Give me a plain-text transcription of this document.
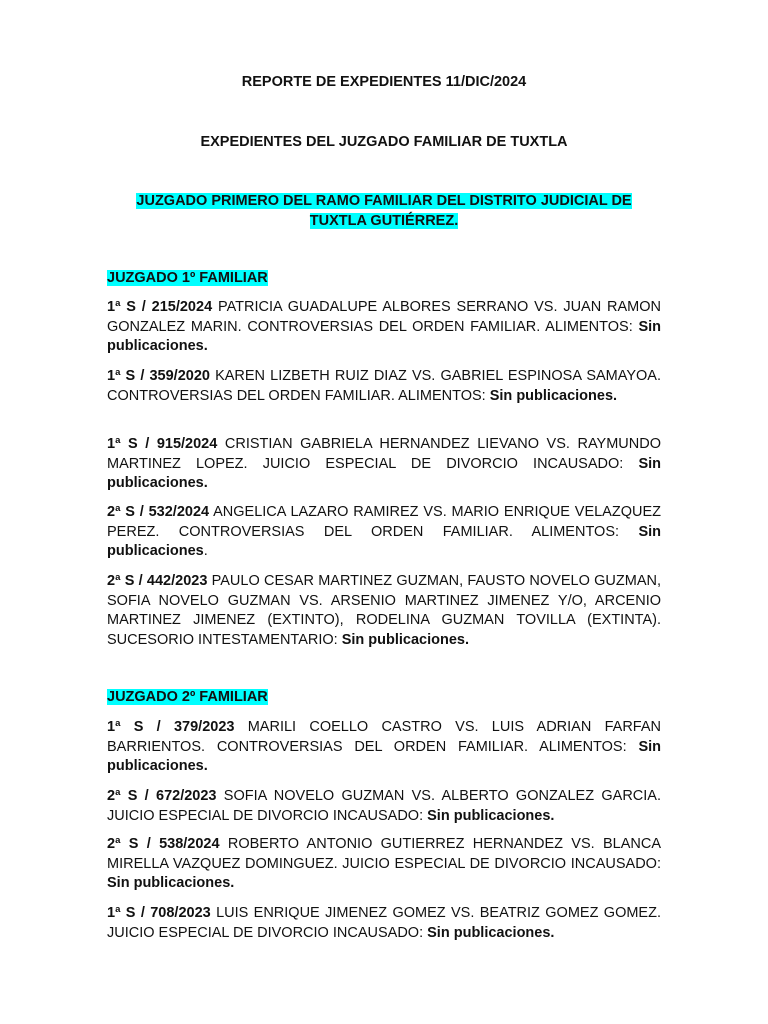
REPORTE DE EXPEDIENTES 11/DIC/2024
EXPEDIENTES DEL JUZGADO FAMILIAR DE TUXTLA
JUZGADO PRIMERO DEL RAMO FAMILIAR DEL DISTRITO JUDICIAL DE
TUXTLA GUTIÉRREZ.
JUZGADO 1º FAMILIAR

1ª S / 215/2024 PATRICIA GUADALUPE ALBORES SERRANO VS. JUAN RAMON GONZALEZ MARIN. CONTROVERSIAS DEL ORDEN FAMILIAR. ALIMENTOS: Sin publicaciones.

1ª S / 359/2020 KAREN LIZBETH RUIZ DIAZ VS. GABRIEL ESPINOSA SAMAYOA. CONTROVERSIAS DEL ORDEN FAMILIAR. ALIMENTOS: Sin publicaciones.

1ª S / 915/2024 CRISTIAN GABRIELA HERNANDEZ LIEVANO VS. RAYMUNDO MARTINEZ LOPEZ. JUICIO ESPECIAL DE DIVORCIO INCAUSADO: Sin publicaciones.

2ª S / 532/2024 ANGELICA LAZARO RAMIREZ VS. MARIO ENRIQUE VELAZQUEZ PEREZ. CONTROVERSIAS DEL ORDEN FAMILIAR. ALIMENTOS: Sin publicaciones.

2ª S / 442/2023 PAULO CESAR MARTINEZ GUZMAN, FAUSTO NOVELO GUZMAN, SOFIA NOVELO GUZMAN VS. ARSENIO MARTINEZ JIMENEZ Y/O, ARCENIO MARTINEZ JIMENEZ (EXTINTO), RODELINA GUZMAN TOVILLA (EXTINTA). SUCESORIO INTESTAMENTARIO: Sin publicaciones.

JUZGADO 2º FAMILIAR

1ª S / 379/2023 MARILI COELLO CASTRO VS. LUIS ADRIAN FARFAN BARRIENTOS. CONTROVERSIAS DEL ORDEN FAMILIAR. ALIMENTOS: Sin publicaciones.

2ª S / 672/2023 SOFIA NOVELO GUZMAN VS. ALBERTO GONZALEZ GARCIA. JUICIO ESPECIAL DE DIVORCIO INCAUSADO: Sin publicaciones.

2ª S / 538/2024 ROBERTO ANTONIO GUTIERREZ HERNANDEZ VS. BLANCA MIRELLA VAZQUEZ DOMINGUEZ. JUICIO ESPECIAL DE DIVORCIO INCAUSADO: Sin publicaciones.

1ª S / 708/2023 LUIS ENRIQUE JIMENEZ GOMEZ VS. BEATRIZ GOMEZ GOMEZ. JUICIO ESPECIAL DE DIVORCIO INCAUSADO: Sin publicaciones.
